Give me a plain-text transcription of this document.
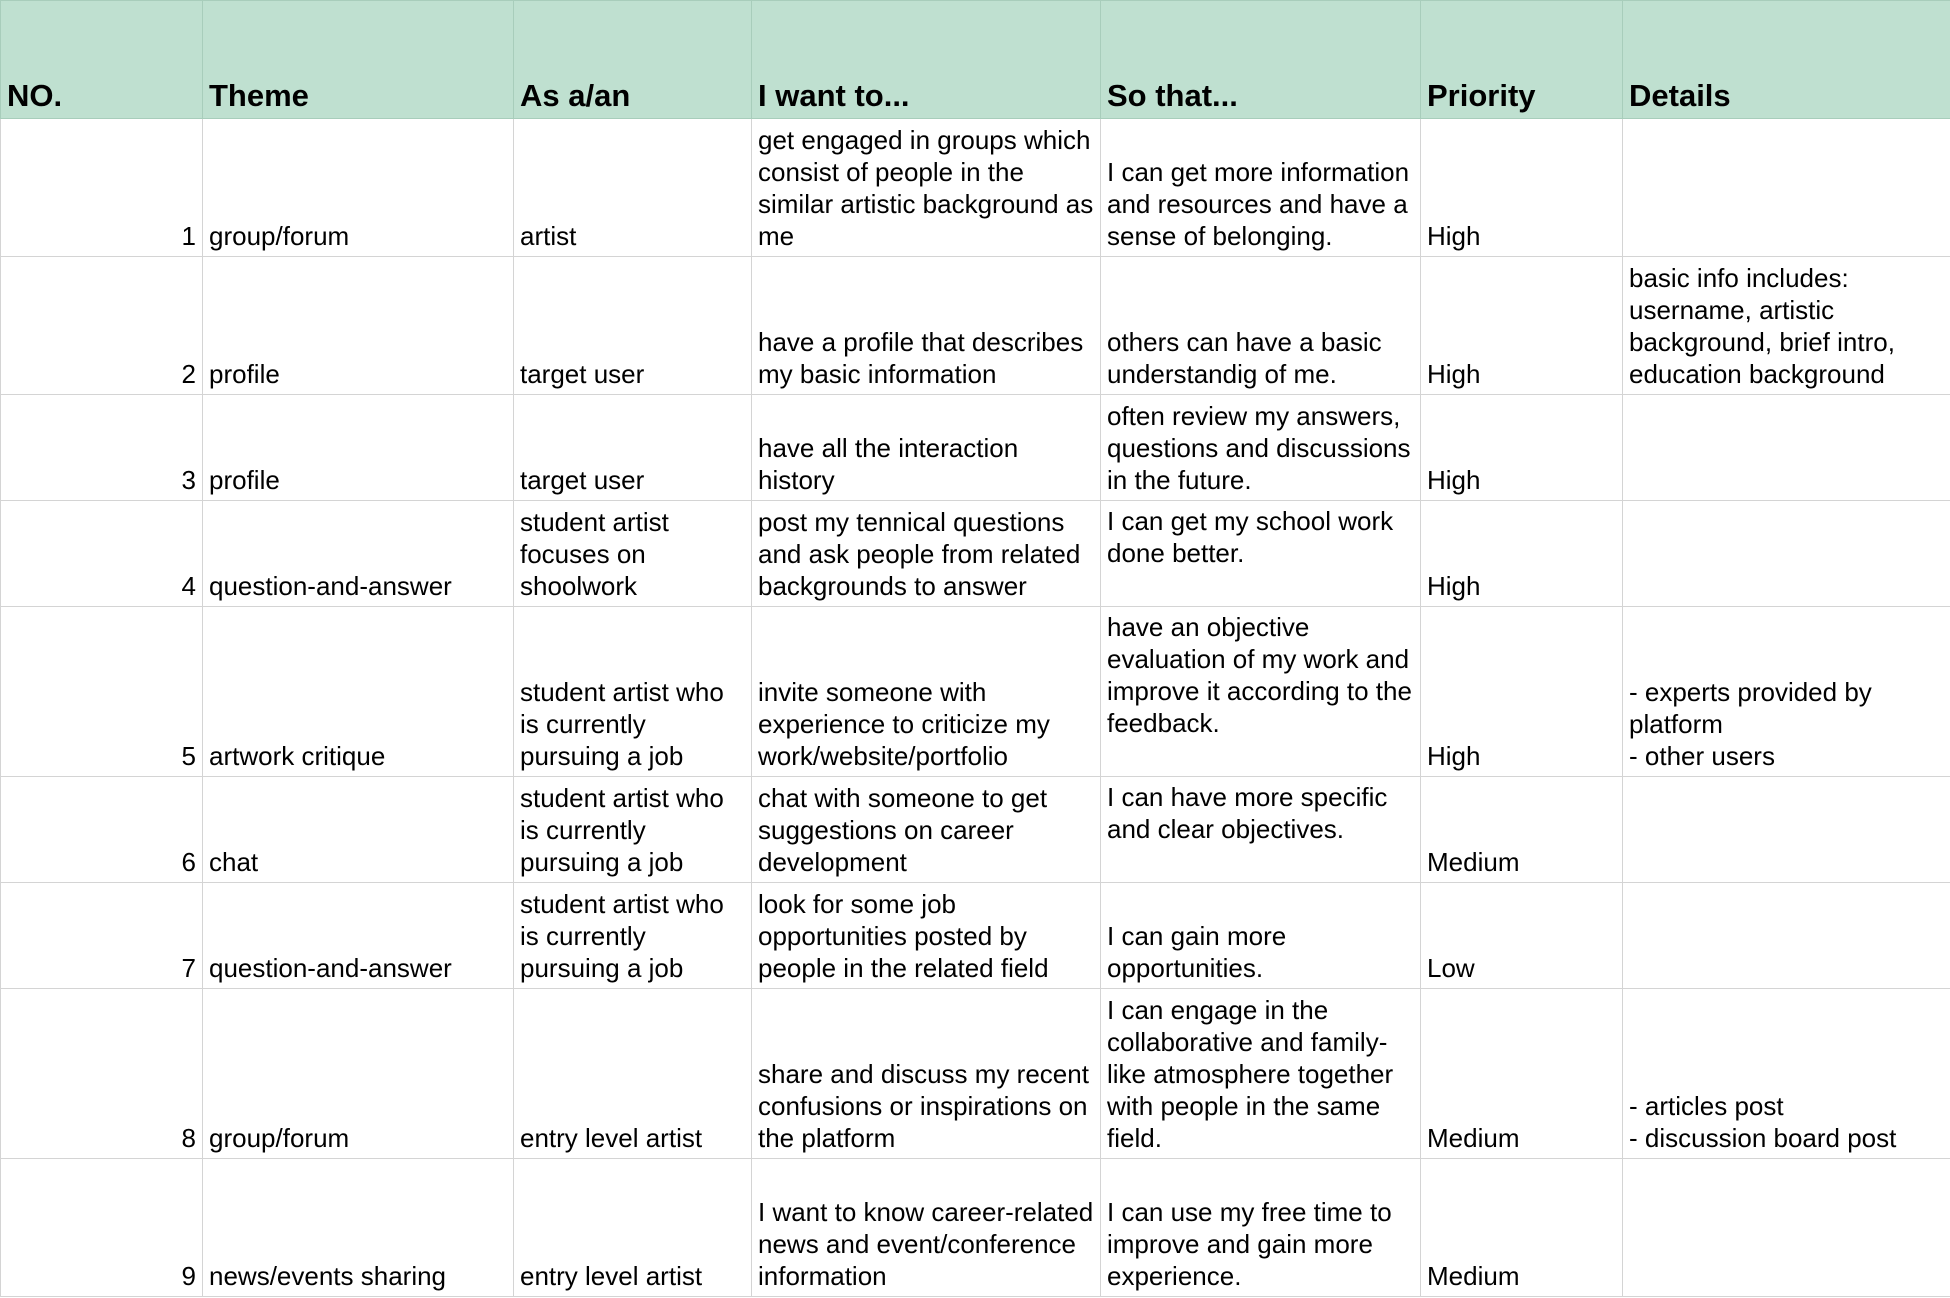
NO.	Theme	As a/an	I want to...	So that...	Priority	Details
1	group/forum	artist	get engaged in groups which consist of people in the similar artistic background as me	I can get more information and resources and have a sense of belonging.	High	
2	profile	target user	have a profile that describes my basic information	others can have a basic understandig of me.	High	basic info includes: username, artistic background, brief intro, education background
3	profile	target user	have all the interaction history	often review my answers, questions and discussions in the future.	High	
4	question-and-answer	student artist focuses on shoolwork	post my tennical questions and ask people from related backgrounds to answer	I can get my school work done better.	High	
5	artwork critique	student artist who is currently pursuing a job	invite someone with experience to criticize my work/website/portfolio	have an objective evaluation of my work and improve it according to the feedback.	High	- experts provided by platform
- other users
6	chat	student artist who is currently pursuing a job	chat with someone to get suggestions on career development	I can have more specific and clear objectives.	Medium	
7	question-and-answer	student artist who is currently pursuing a job	look for some job opportunities posted by people in the related field	I can gain more opportunities.	Low	
8	group/forum	entry level artist	share and discuss my recent confusions or inspirations on the platform	I can engage in the collaborative and family-like atmosphere together with people in the same field.	Medium	- articles post
- discussion board post
9	news/events sharing	entry level artist	I want to know career-related news and event/conference information	I can use my free time to improve and gain more experience.	Medium	
